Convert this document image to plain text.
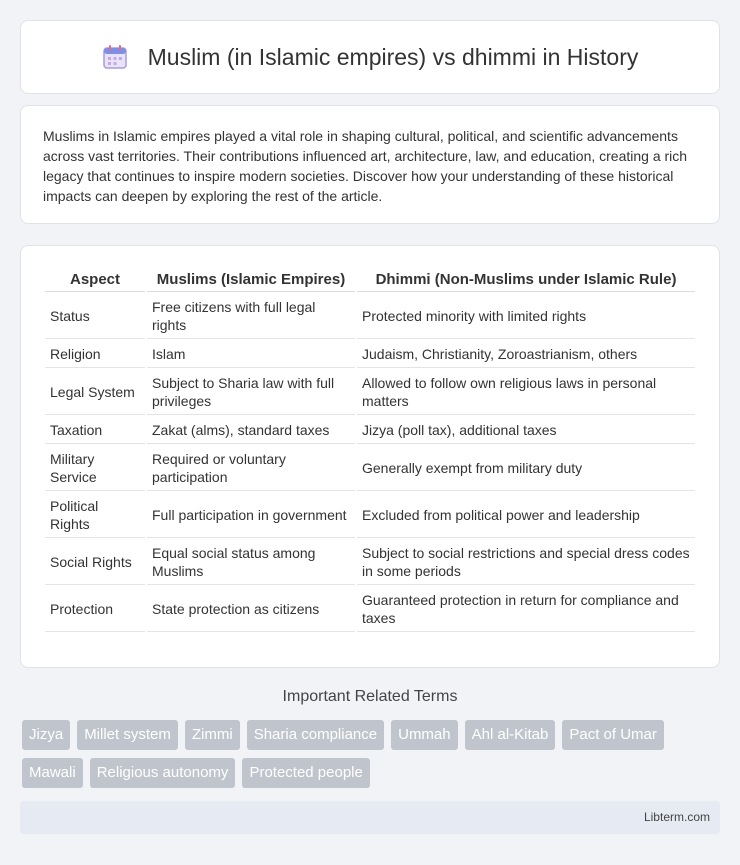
Muslim (in Islamic empires) vs dhimmi in History

Muslims in Islamic empires played a vital role in shaping cultural, political, and scientific advancements across vast territories. Their contributions influenced art, architecture, law, and education, creating a rich legacy that continues to inspire modern societies. Discover how your understanding of these historical impacts can deepen by exploring the rest of the article.

Aspect	Muslims (Islamic Empires)	Dhimmi (Non-Muslims under Islamic Rule)
Status	Free citizens with full legal rights	Protected minority with limited rights
Religion	Islam	Judaism, Christianity, Zoroastrianism, others
Legal System	Subject to Sharia law with full privileges	Allowed to follow own religious laws in personal matters
Taxation	Zakat (alms), standard taxes	Jizya (poll tax), additional taxes
Military Service	Required or voluntary participation	Generally exempt from military duty
Political Rights	Full participation in government	Excluded from political power and leadership
Social Rights	Equal social status among Muslims	Subject to social restrictions and special dress codes in some periods
Protection	State protection as citizens	Guaranteed protection in return for compliance and taxes
Important Related Terms
Jizya	Millet system	Zimmi	Sharia compliance	Ummah	Ahl al-Kitab	Pact of Umar
Mawali	Religious autonomy	Protected people
Libterm.com
